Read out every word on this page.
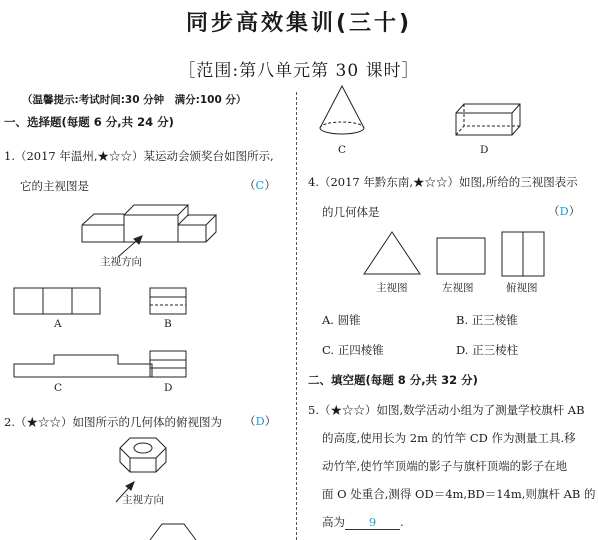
同步高效集训(三十)
［范围:第八单元第 30 课时］
（温馨提示:考试时间:30 分钟　满分:100 分）
一、选择题(每题 6 分,共 24 分)
1.（2017 年温州,★☆☆）某运动会颁奖台如图所示,
它的主视图是	（C）
主视方向
A	B
C	D
2.（★☆☆）如图所示的几何体的俯视图为 （D）
主视方向
C	D
4.（2017 年黔东南,★☆☆）如图,所给的三视图表示
的几何体是	（D）
主视图	左视图	俯视图
A. 圆锥	B. 正三棱锥
C. 正四棱锥	D. 正三棱柱
二、填空题(每题 8 分,共 32 分)
5.（★☆☆）如图,数学活动小组为了测量学校旗杆 AB
的高度,使用长为 2m 的竹竿 CD 作为测量工具.移
动竹竿,使竹竿顶端的影子与旗杆顶端的影子在地
面 O 处重合,测得 OD＝4m,BD＝14m,则旗杆 AB 的
高为 9 .
